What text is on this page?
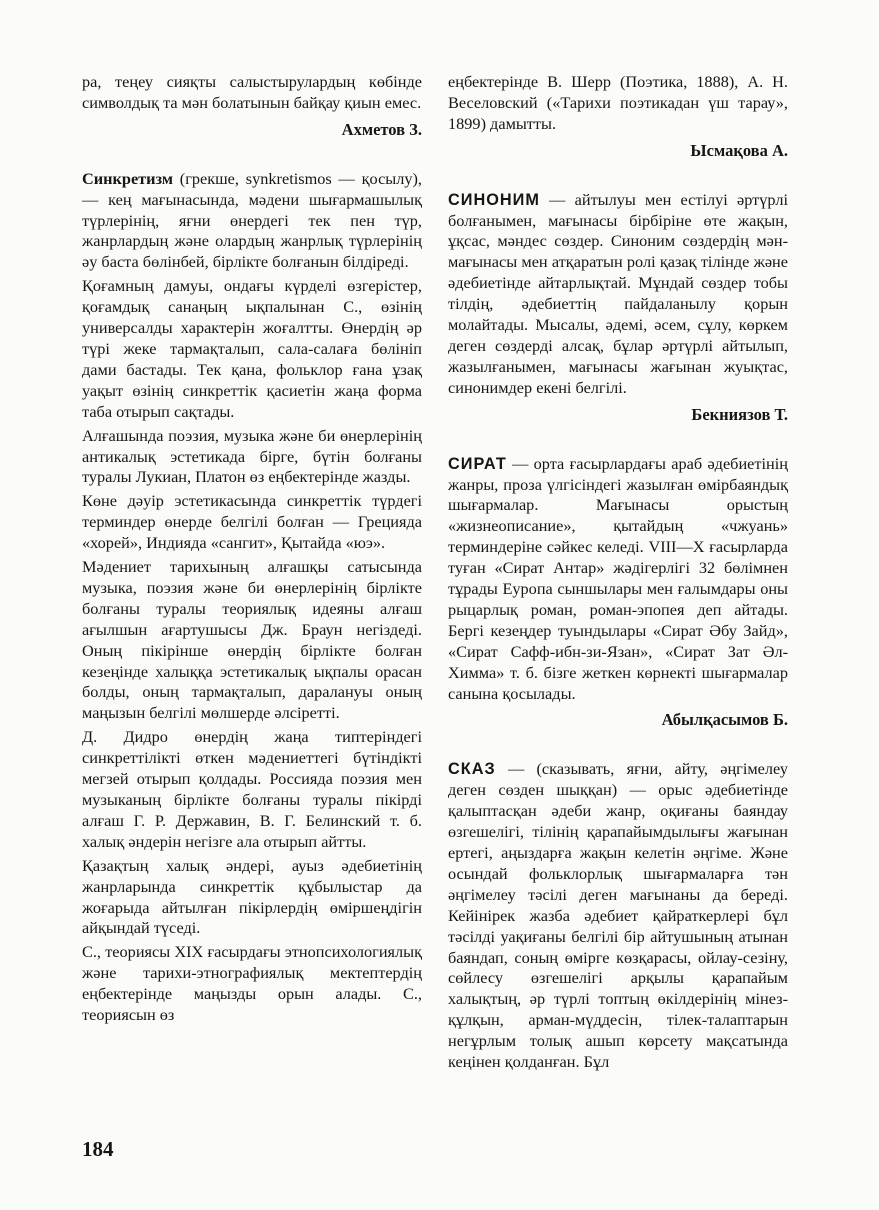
ра, теңеу сияқты салыстырулардың көбінде символдық та мән болатынын байқау қиын емес.

Ахметов З.

Синкретизм (грекше, synkretismos — қосылу),— кең мағынасында, мәдени шығармашылық түрлерінің, яғни өнердегі тек пен түр, жанрлардың және олардың жанрлық түрлерінің әу баста бөлінбей, бірлікте болғанын білдіреді.

Қоғамның дамуы, ондағы күрделі өзгерістер, қоғамдық санаңың ықпалынан С., өзінің универсалды характерін жоғалтты. Өнердің әр түрі жеке тармақталып, сала-салаға бөлініп дами бастады. Тек қана, фольклор ғана ұзақ уақыт өзінің синкреттік қасиетін жаңа форма таба отырып сақтады.

Алғашында поэзия, музыка және би өнерлерінің антикалық эстетикада бірге, бүтін болғаны туралы Лукиан, Платон өз еңбектерінде жазды.

Көне дәуір эстетикасында синкреттік түрдегі терминдер өнерде белгілі болған — Грецияда «хорей», Индияда «сангит», Қытайда «юэ».

Мәдениет тарихының алғашқы сатысында музыка, поэзия және би өнерлерінің бірлікте болғаны туралы теориялық идеяны алғаш ағылшын ағартушысы Дж. Браун негіздеді. Оның пікірінше өнердің бірлікте болған кезеңінде халыққа эстетикалық ықпалы орасан болды, оның тармақталып, даралануы оның маңызын белгілі мөлшерде әлсіретті.

Д. Дидро өнердің жаңа типтеріндегі синкреттілікті өткен мәдениеттегі бүтіндікті мегзей отырып қолдады. Россияда поэзия мен музыканың бірлікте болғаны туралы пікірді алғаш Г. Р. Державин, В. Г. Белинский т. б. халық әндерін негізге ала отырып айтты.

Қазақтың халық әндері, ауыз әдебиетінің жанрларында синкреттік құбылыстар да жоғарыда айтылған пікірлердің өміршеңдігін айқындай түседі.

С., теориясы XIX ғасырдағы этнопсихологиялық және тарихи-этнографиялық мектептердің еңбектерінде маңызды орын алады. С., теориясын өз

еңбектерінде В. Шерр (Поэтика, 1888), А. Н. Веселовский («Тарихи поэтикадан үш тарау», 1899) дамытты.

Ысмақова А.

СИНОНИМ — айтылуы мен естілуі әртүрлі болғанымен, мағынасы бірбіріне өте жақын, ұқсас, мәндес сөздер. Синоним сөздердің мән-мағынасы мен атқаратын ролі қазақ тілінде және әдебиетінде айтарлықтай. Мұндай сөздер тобы тілдің, әдебиеттің пайдаланылу қорын молайтады. Мысалы, әдемі, әсем, сұлу, көркем деген сөздерді алсақ, бұлар әртүрлі айтылып, жазылғанымен, мағынасы жағынан жуықтас, синонимдер екені белгілі.

Бекниязов Т.

СИРАТ — орта ғасырлардағы араб әдебиетінің жанры, проза үлгісіндегі жазылған өмірбаяндық шығармалар. Мағынасы орыстың «жизнеописание», қытайдың «чжуань» терминдеріне сәйкес келеді. VIII—X ғасырларда туған «Сират Антар» жәдігерлігі 32 бөлімнен тұрады Еуропа сыншылары мен ғалымдары оны рыцарлық роман, роман-эпопея деп айтады. Бергі кезеңдер туындылары «Сират Әбу Зайд», «Сират Сафф-ибн-зи-Язан», «Сират Зат Әл-Химма» т. б. бізге жеткен көрнекті шығармалар санына қосылады.

Абылқасымов Б.

СКАЗ — (сказывать, яғни, айту, әңгімелеу деген сөзден шыққан) — орыс әдебиетінде қалыптасқан әдеби жанр, оқиғаны баяндау өзгешелігі, тілінің қарапайымдылығы жағынан ертегі, аңыздарға жақын келетін әңгіме. Және осындай фольклорлық шығармаларға тән әңгімелеу тәсілі деген мағынаны да береді. Кейінірек жазба әдебиет қайраткерлері бұл тәсілді уақиғаны белгілі бір айтушының атынан баяндап, соның өмірге көзқарасы, ойлау-сезіну, сөйлесу өзгешелігі арқылы қарапайым халықтың, әр түрлі топтың өкілдерінің мінез-құлқын, арман-мүддесін, тілек-талаптарын негұрлым толық ашып көрсету мақсатында кеңінен қолданған. Бұл

184
